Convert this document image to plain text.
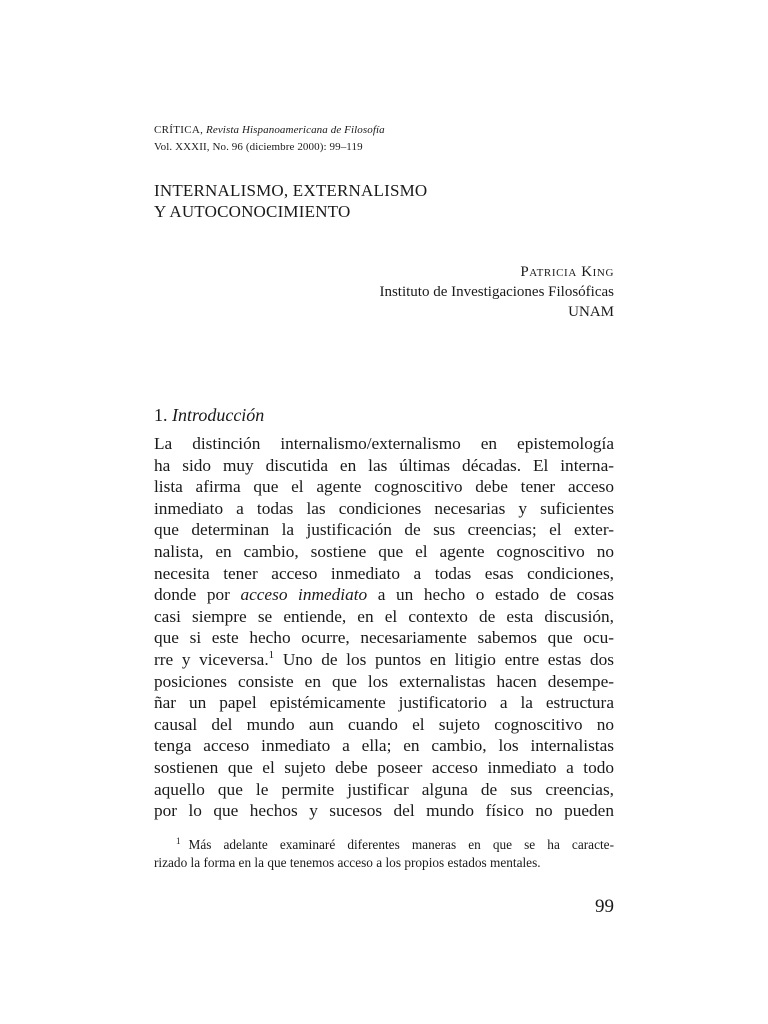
CRÍTICA, Revista Hispanoamericana de Filosofía
Vol. XXXII, No. 96 (diciembre 2000): 99–119
INTERNALISMO, EXTERNALISMO
Y AUTOCONOCIMIENTO
Patricia King
Instituto de Investigaciones Filosóficas
UNAM
1. Introducción
La distinción internalismo/externalismo en epistemología
ha sido muy discutida en las últimas décadas. El interna-
lista afirma que el agente cognoscitivo debe tener acceso
inmediato a todas las condiciones necesarias y suficientes
que determinan la justificación de sus creencias; el exter-
nalista, en cambio, sostiene que el agente cognoscitivo no
necesita tener acceso inmediato a todas esas condiciones,
donde por acceso inmediato a un hecho o estado de cosas
casi siempre se entiende, en el contexto de esta discusión,
que si este hecho ocurre, necesariamente sabemos que ocu-
rre y viceversa.$^1$ Uno de los puntos en litigio entre estas dos
posiciones consiste en que los externalistas hacen desempe-
ñar un papel epistémicamente justificatorio a la estructura
causal del mundo aun cuando el sujeto cognoscitivo no
tenga acceso inmediato a ella; en cambio, los internalistas
sostienen que el sujeto debe poseer acceso inmediato a todo
aquello que le permite justificar alguna de sus creencias,
por lo que hechos y sucesos del mundo físico no pueden
$^1$ Más adelante examinaré diferentes maneras en que se ha caracte-
rizado la forma en la que tenemos acceso a los propios estados mentales.
99
